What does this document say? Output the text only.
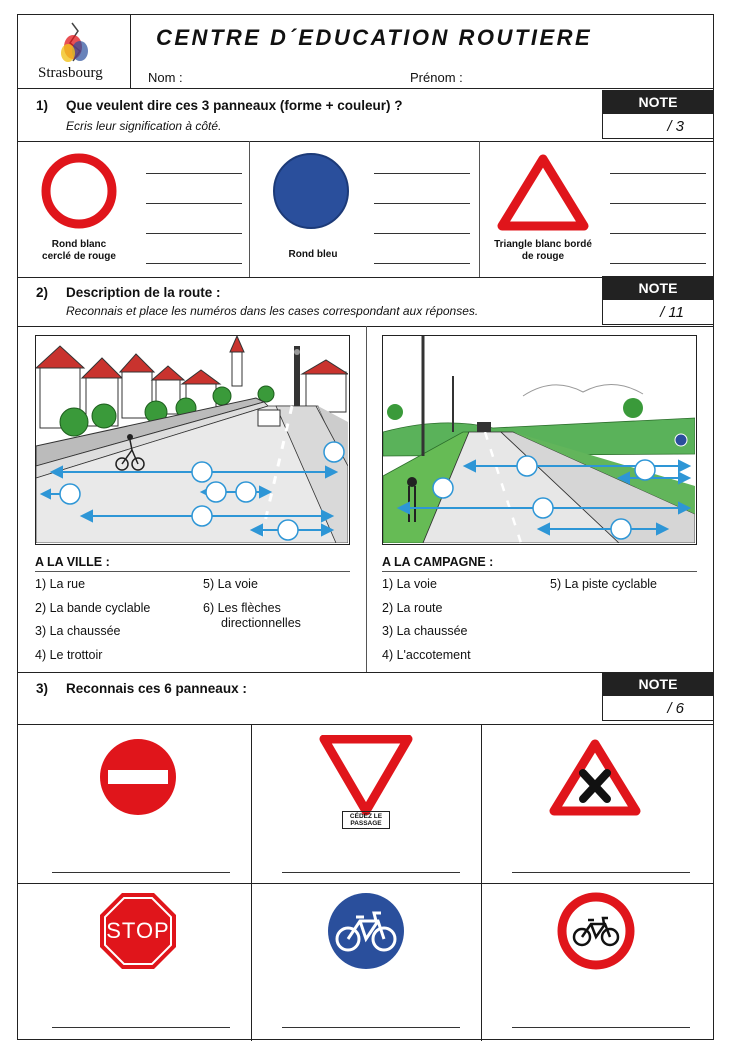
Strasbourg
CENTRE D´EDUCATION ROUTIERE
Nom :	Prénom :
1) Que veulent dire ces 3 panneaux (forme + couleur) ?
Ecris leur signification à côté.
NOTE
/ 3
Rond blanc
cerclé de rouge	Rond bleu
Triangle blanc bordé
de rouge
2) Description de la route :
Reconnais et place les numéros dans les cases correspondant aux réponses.
NOTE
/ 11
A LA VILLE :
1) La rue
2) La bande cyclable
3) La chaussée
4) Le trottoir
5) La voie
6) Les flèches
directionnelles
A LA CAMPAGNE :
1) La voie
2) La route
3) La chaussée
4) L'accotement
5) La piste cyclable
3) Reconnais ces 6 panneaux :	NOTE
/ 6
CÉDEZ LE PASSAGE
STOP
